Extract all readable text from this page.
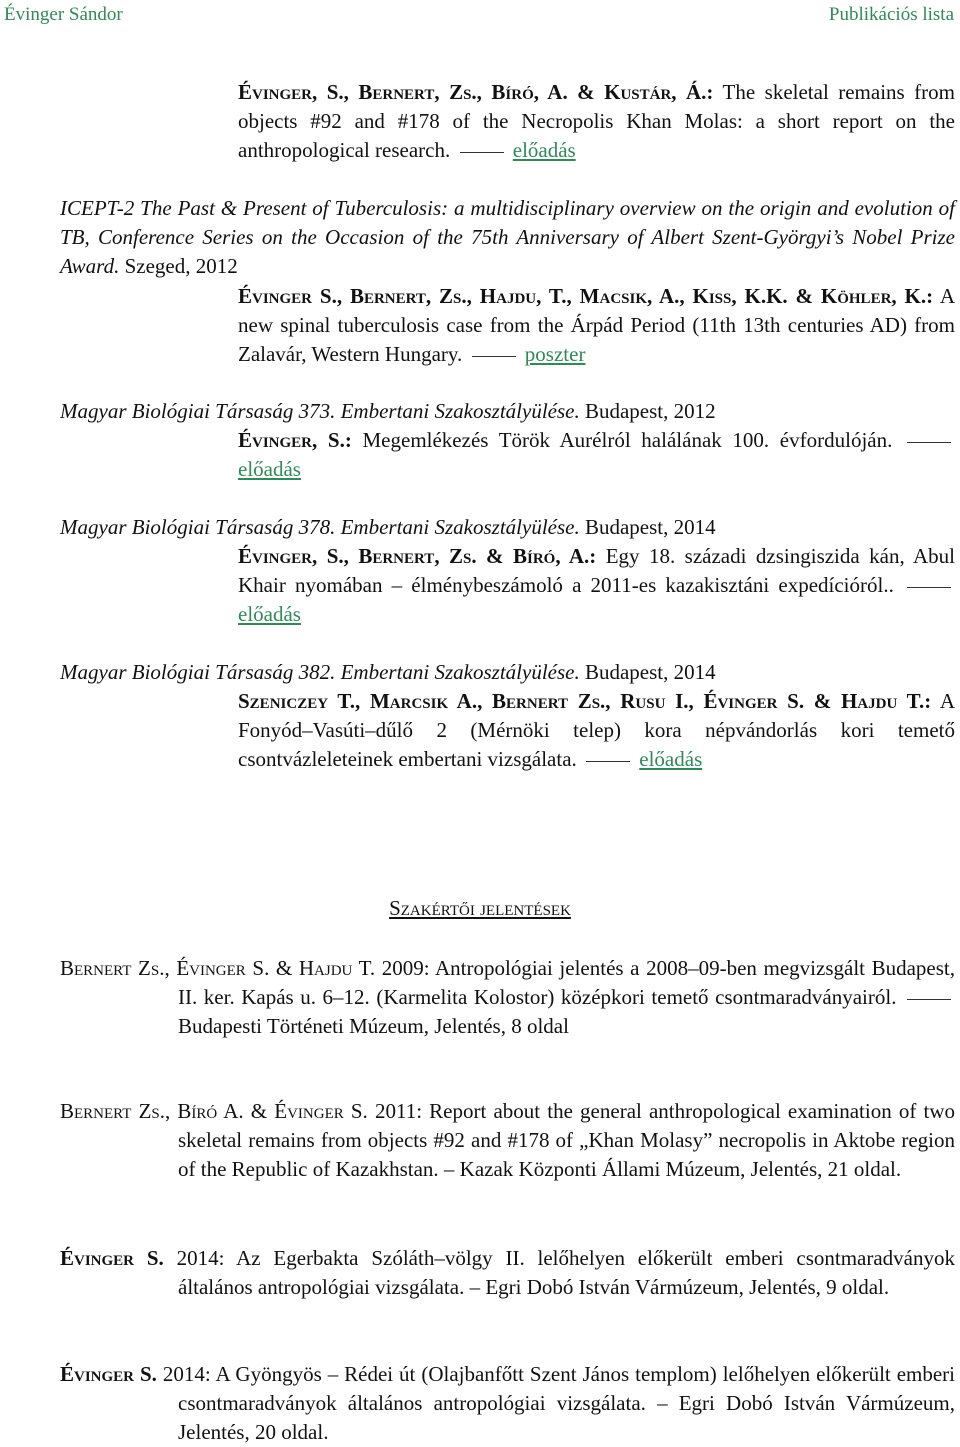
Évinger Sándor	Publikációs lista
Évinger, S., Bernert, Zs., Bíró, A. & Kustár, Á.: The skeletal remains from objects #92 and #178 of the Necropolis Khan Molas: a short report on the anthropological research.	előadás
ICEPT-2 The Past & Present of Tuberculosis: a multidisciplinary overview on the origin and evolution of TB, Conference Series on the Occasion of the 75th Anniversary of Albert Szent-Györgyi’s Nobel Prize Award. Szeged, 2012
Évinger S., Bernert, Zs., Hajdu, T., Macsik, A., Kiss, K.K. & Köhler, K.: A new spinal tuberculosis case from the Árpád Period (11th 13th centuries AD) from Zalavár, Western Hungary.	poszter
Magyar Biológiai Társaság 373. Embertani Szakosztályülése. Budapest, 2012
Évinger, S.: Megemlékezés Török Aurélról halálának 100. évfordulóján.  előadás
Magyar Biológiai Társaság 378. Embertani Szakosztályülése. Budapest, 2014
Évinger, S., Bernert, Zs. & Bíró, A.: Egy 18. századi dzsingiszida kán, Abul Khair nyomában – élménybeszámoló a 2011-es kazakisztáni expedícióról..  előadás
Magyar Biológiai Társaság 382. Embertani Szakosztályülése. Budapest, 2014
Szeniczey T., Marcsik A., Bernert Zs., Rusu I., Évinger S. & Hajdu T.: A Fonyód–Vasúti–dűlő 2 (Mérnöki telep) kora népvándorlás kori temető csontvázleleteinek embertani vizsgálata.	előadás
Szakértői jelentések
Bernert Zs., Évinger S. & Hajdu T. 2009: Antropológiai jelentés a 2008–09-ben megvizsgált Budapest, II. ker. Kapás u. 6–12. (Karmelita Kolostor) középkori temető csontmaradványairól.  Budapesti Történeti Múzeum, Jelentés, 8 oldal
Bernert Zs., Bíró A. & Évinger S. 2011: Report about the general anthropological examination of two skeletal remains from objects #92 and #178 of „Khan Molasy” necropolis in Aktobe region of the Republic of Kazakhstan. – Kazak Központi Állami Múzeum, Jelentés, 21 oldal.
Évinger S. 2014: Az Egerbakta Szóláth–völgy II. lelőhelyen előkerült emberi csontmaradványok általános antropológiai vizsgálata. – Egri Dobó István Vármúzeum, Jelentés, 9 oldal.
Évinger S. 2014: A Gyöngyös – Rédei út (Olajbanfőtt Szent János templom) lelőhelyen előkerült emberi csontmaradványok általános antropológiai vizsgálata. – Egri Dobó István Vármúzeum, Jelentés, 20 oldal.
